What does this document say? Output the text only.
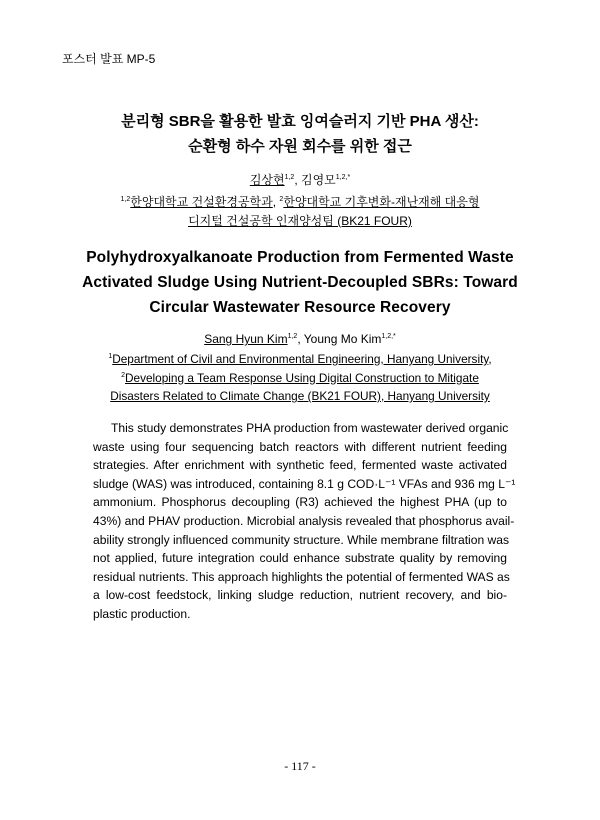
포스터 발표 MP-5
분리형 SBR을 활용한 발효 잉여슬러지 기반 PHA 생산:
순환형 하수 자원 회수를 위한 접근
김상현$^{1,2}$, 김영모$^{1,2,*}$
$^{1,2}$한양대학교 건설환경공학과, $^2$한양대학교 기후변화-재난재해 대응형
디지털 건설공학 인재양성팀 (BK21 FOUR)
Polyhydroxyalkanoate Production from Fermented Waste
Activated Sludge Using Nutrient-Decoupled SBRs: Toward
Circular Wastewater Resource Recovery
Sang Hyun Kim$^{1,2}$, Young Mo Kim$^{1,2,*}$
$^1$Department of Civil and Environmental Engineering, Hanyang University,
$^2$Developing a Team Response Using Digital Construction to Mitigate
Disasters Related to Climate Change (BK21 FOUR), Hanyang University
This study demonstrates PHA production from wastewater derived organic
waste using four sequencing batch reactors with different nutrient feeding
strategies. After enrichment with synthetic feed, fermented waste activated
sludge (WAS) was introduced, containing 8.1 g COD·L⁻¹ VFAs and 936 mg L⁻¹
ammonium. Phosphorus decoupling (R3) achieved the highest PHA (up to
43%) and PHAV production. Microbial analysis revealed that phosphorus avail-
ability strongly influenced community structure. While membrane filtration was
not applied, future integration could enhance substrate quality by removing
residual nutrients. This approach highlights the potential of fermented WAS as
a low-cost feedstock, linking sludge reduction, nutrient recovery, and bio-
plastic production.
- 117 -
